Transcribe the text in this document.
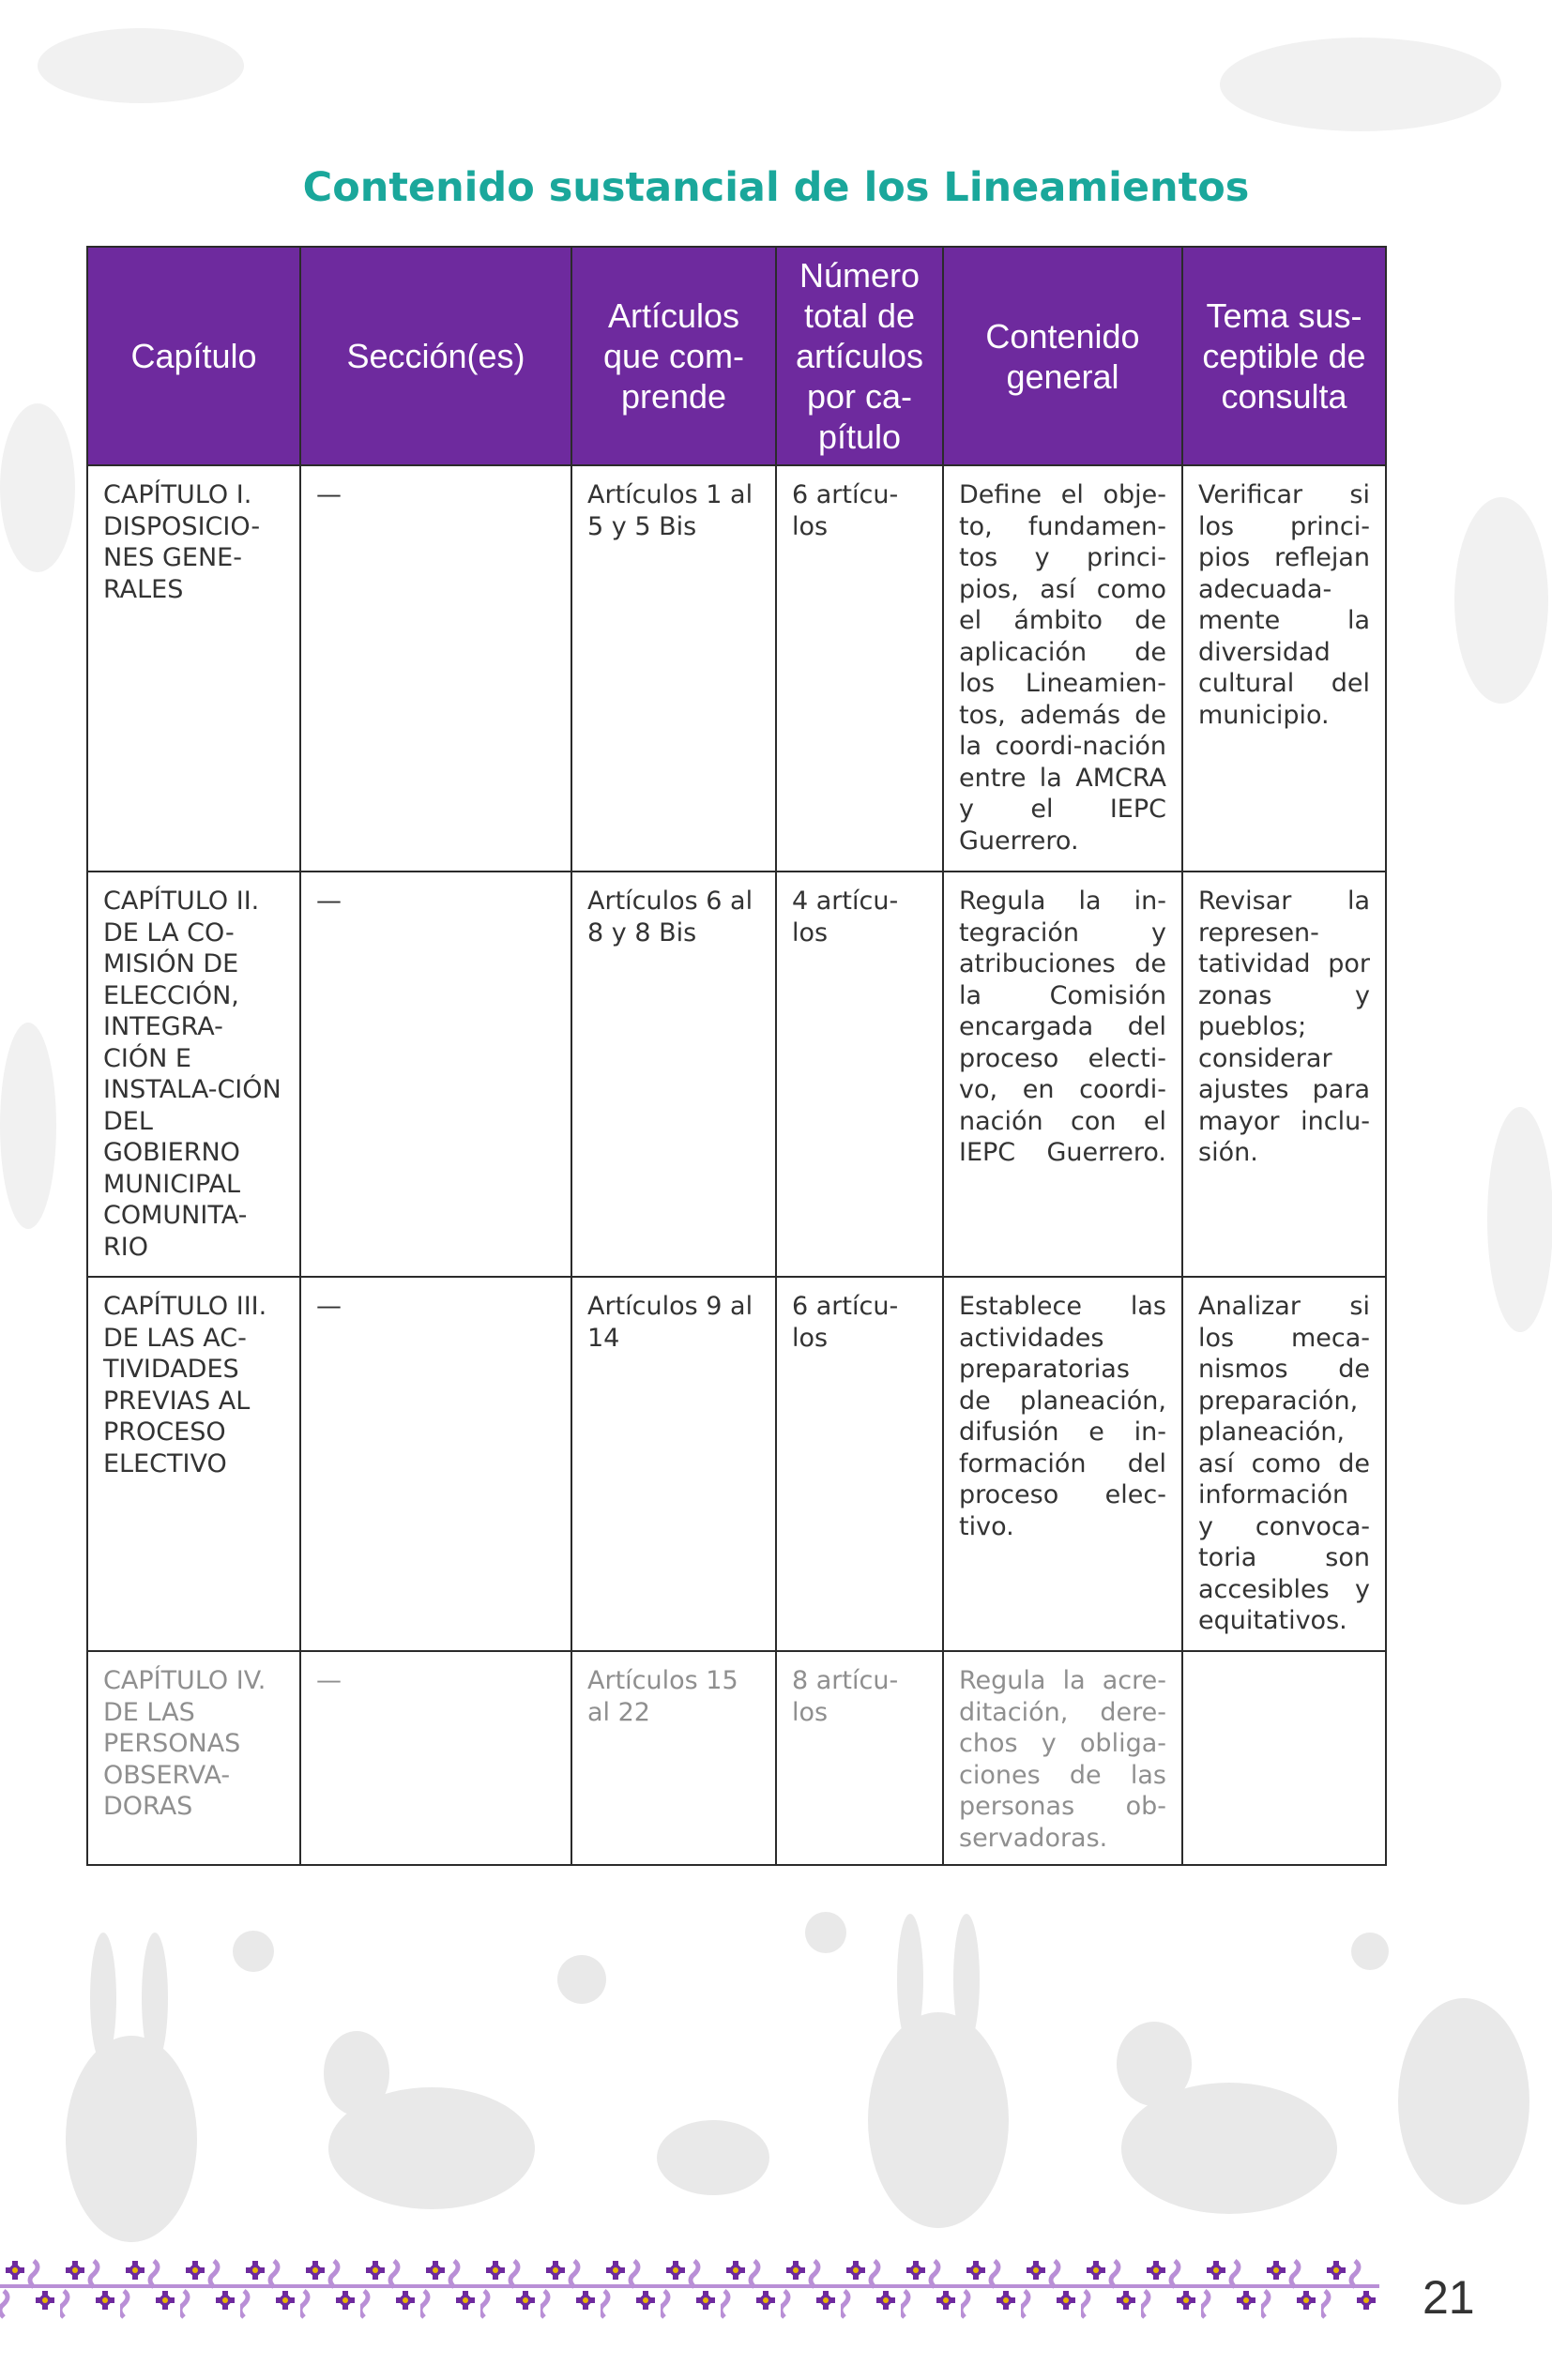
Contenido sustancial de los Lineamientos
Capítulo	Sección(es)	Artículos que com-prende	Número total de artículos por ca-pítulo	Contenido general	Tema sus-ceptible de consulta
CAPÍTULO I. DISPOSICIO-NES GENE-RALES	—	Artículos 1 al 5 y 5 Bis	6 artícu-los	Define el obje-to, fundamen-tos y princi-pios, así como el ámbito de aplicación de los Lineamien-tos, además de la coordi-nación entre la AMCRA y el IEPC Guerrero.	Verificar si los princi-pios reflejan adecuada-mente la diversidad cultural del municipio.
CAPÍTULO II. DE LA CO-MISIÓN DE ELECCIÓN, INTEGRA-CIÓN E INSTALA-CIÓN DEL GOBIERNO MUNICIPAL COMUNITA-RIO	—	Artículos 6 al 8 y 8 Bis	4 artícu-los	Regula la in-tegración y atribuciones de la Comisión encargada del proceso electi-vo, en coordi-nación con el IEPC Guerrero.	Revisar la represen-tatividad por zonas y pueblos; considerar ajustes para mayor inclu-sión.
CAPÍTULO III. DE LAS AC-TIVIDADES PREVIAS AL PROCESO ELECTIVO	—	Artículos 9 al 14	6 artícu-los	Establece las actividades preparatorias de planeación, difusión e in-formación del proceso elec-tivo.	Analizar si los meca-nismos de preparación, planeación, así como de información y convoca-toria son accesibles y equitativos.
CAPÍTULO IV. DE LAS PERSONAS OBSERVA-DORAS	—	Artículos 15 al 22	8 artícu-los	Regula la acre-ditación, dere-chos y obliga-ciones de las personas ob-servadoras.	
21
